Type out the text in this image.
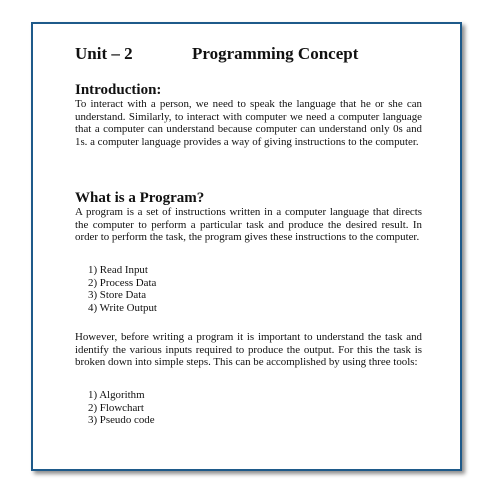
Unit – 2	Programming Concept
Introduction:

To interact with a person, we need to speak the language that he or she can understand. Similarly, to interact with computer we need a computer language that a computer can understand because computer can understand only 0s and 1s. a computer language provides a way of giving instructions to the computer.

What is a Program?

A program is a set of instructions written in a computer language that directs the computer to perform a particular task and produce the desired result. In order to perform the task, the program gives these instructions to the computer.

1) Read Input
2) Process Data
3) Store Data
4) Write Output

However, before writing a program it is important to understand the task and identify the various inputs required to produce the output. For this the task is broken down into simple steps. This can be accomplished by using three tools:

1) Algorithm
2) Flowchart
3) Pseudo code
